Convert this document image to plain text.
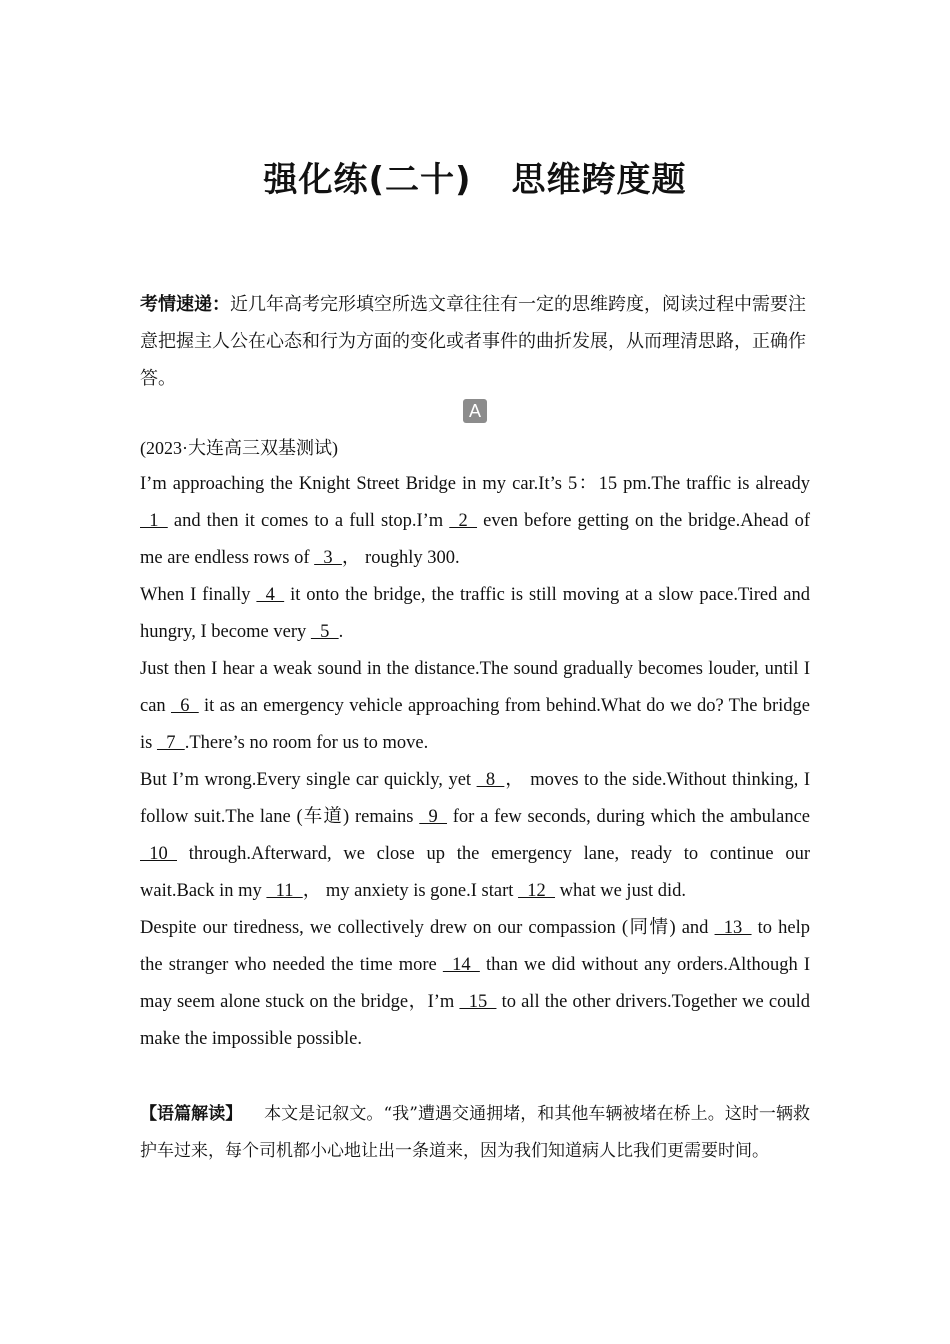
强化练(二十) 思维跨度题
考情速递：近几年高考完形填空所选文章往往有一定的思维跨度，阅读过程中需要注意把握主人公在心态和行为方面的变化或者事件的曲折发展，从而理清思路，正确作答。
A
(2023·大连高三双基测试)

I’m approaching the Knight Street Bridge in my car.It’s 5：15 pm.The traffic is already   1   and then it comes to a full stop.I’m   2   even before getting on the bridge.Ahead of me are endless rows of   3  ， roughly 300.

When I finally   4   it onto the bridge, the traffic is still moving at a slow pace.Tired and hungry, I become very   5  .

Just then I hear a weak sound in the distance.The sound gradually becomes louder, until I can   6   it as an emergency vehicle approaching from behind.What do we do? The bridge is   7  .There’s no room for us to move.

But I’m wrong.Every single car quickly, yet   8  ， moves to the side.Without thinking, I follow suit.The lane (车道) remains   9   for a few seconds, during which the ambulance   10   through.Afterward, we close up the emergency lane, ready to continue our wait.Back in my   11  ， my anxiety is gone.I start   12   what we just did.

Despite our tiredness, we collectively drew on our compassion (同情) and   13   to help the stranger who needed the time more   14   than we did without any orders.Although I may seem alone stuck on the bridge，I’m   15   to all the other drivers.Together we could make the impossible possible.

【语篇解读】 本文是记叙文。“我”遭遇交通拥堵，和其他车辆被堵在桥上。这时一辆救护车过来，每个司机都小心地让出一条道来，因为我们知道病人比我们更需要时间。
